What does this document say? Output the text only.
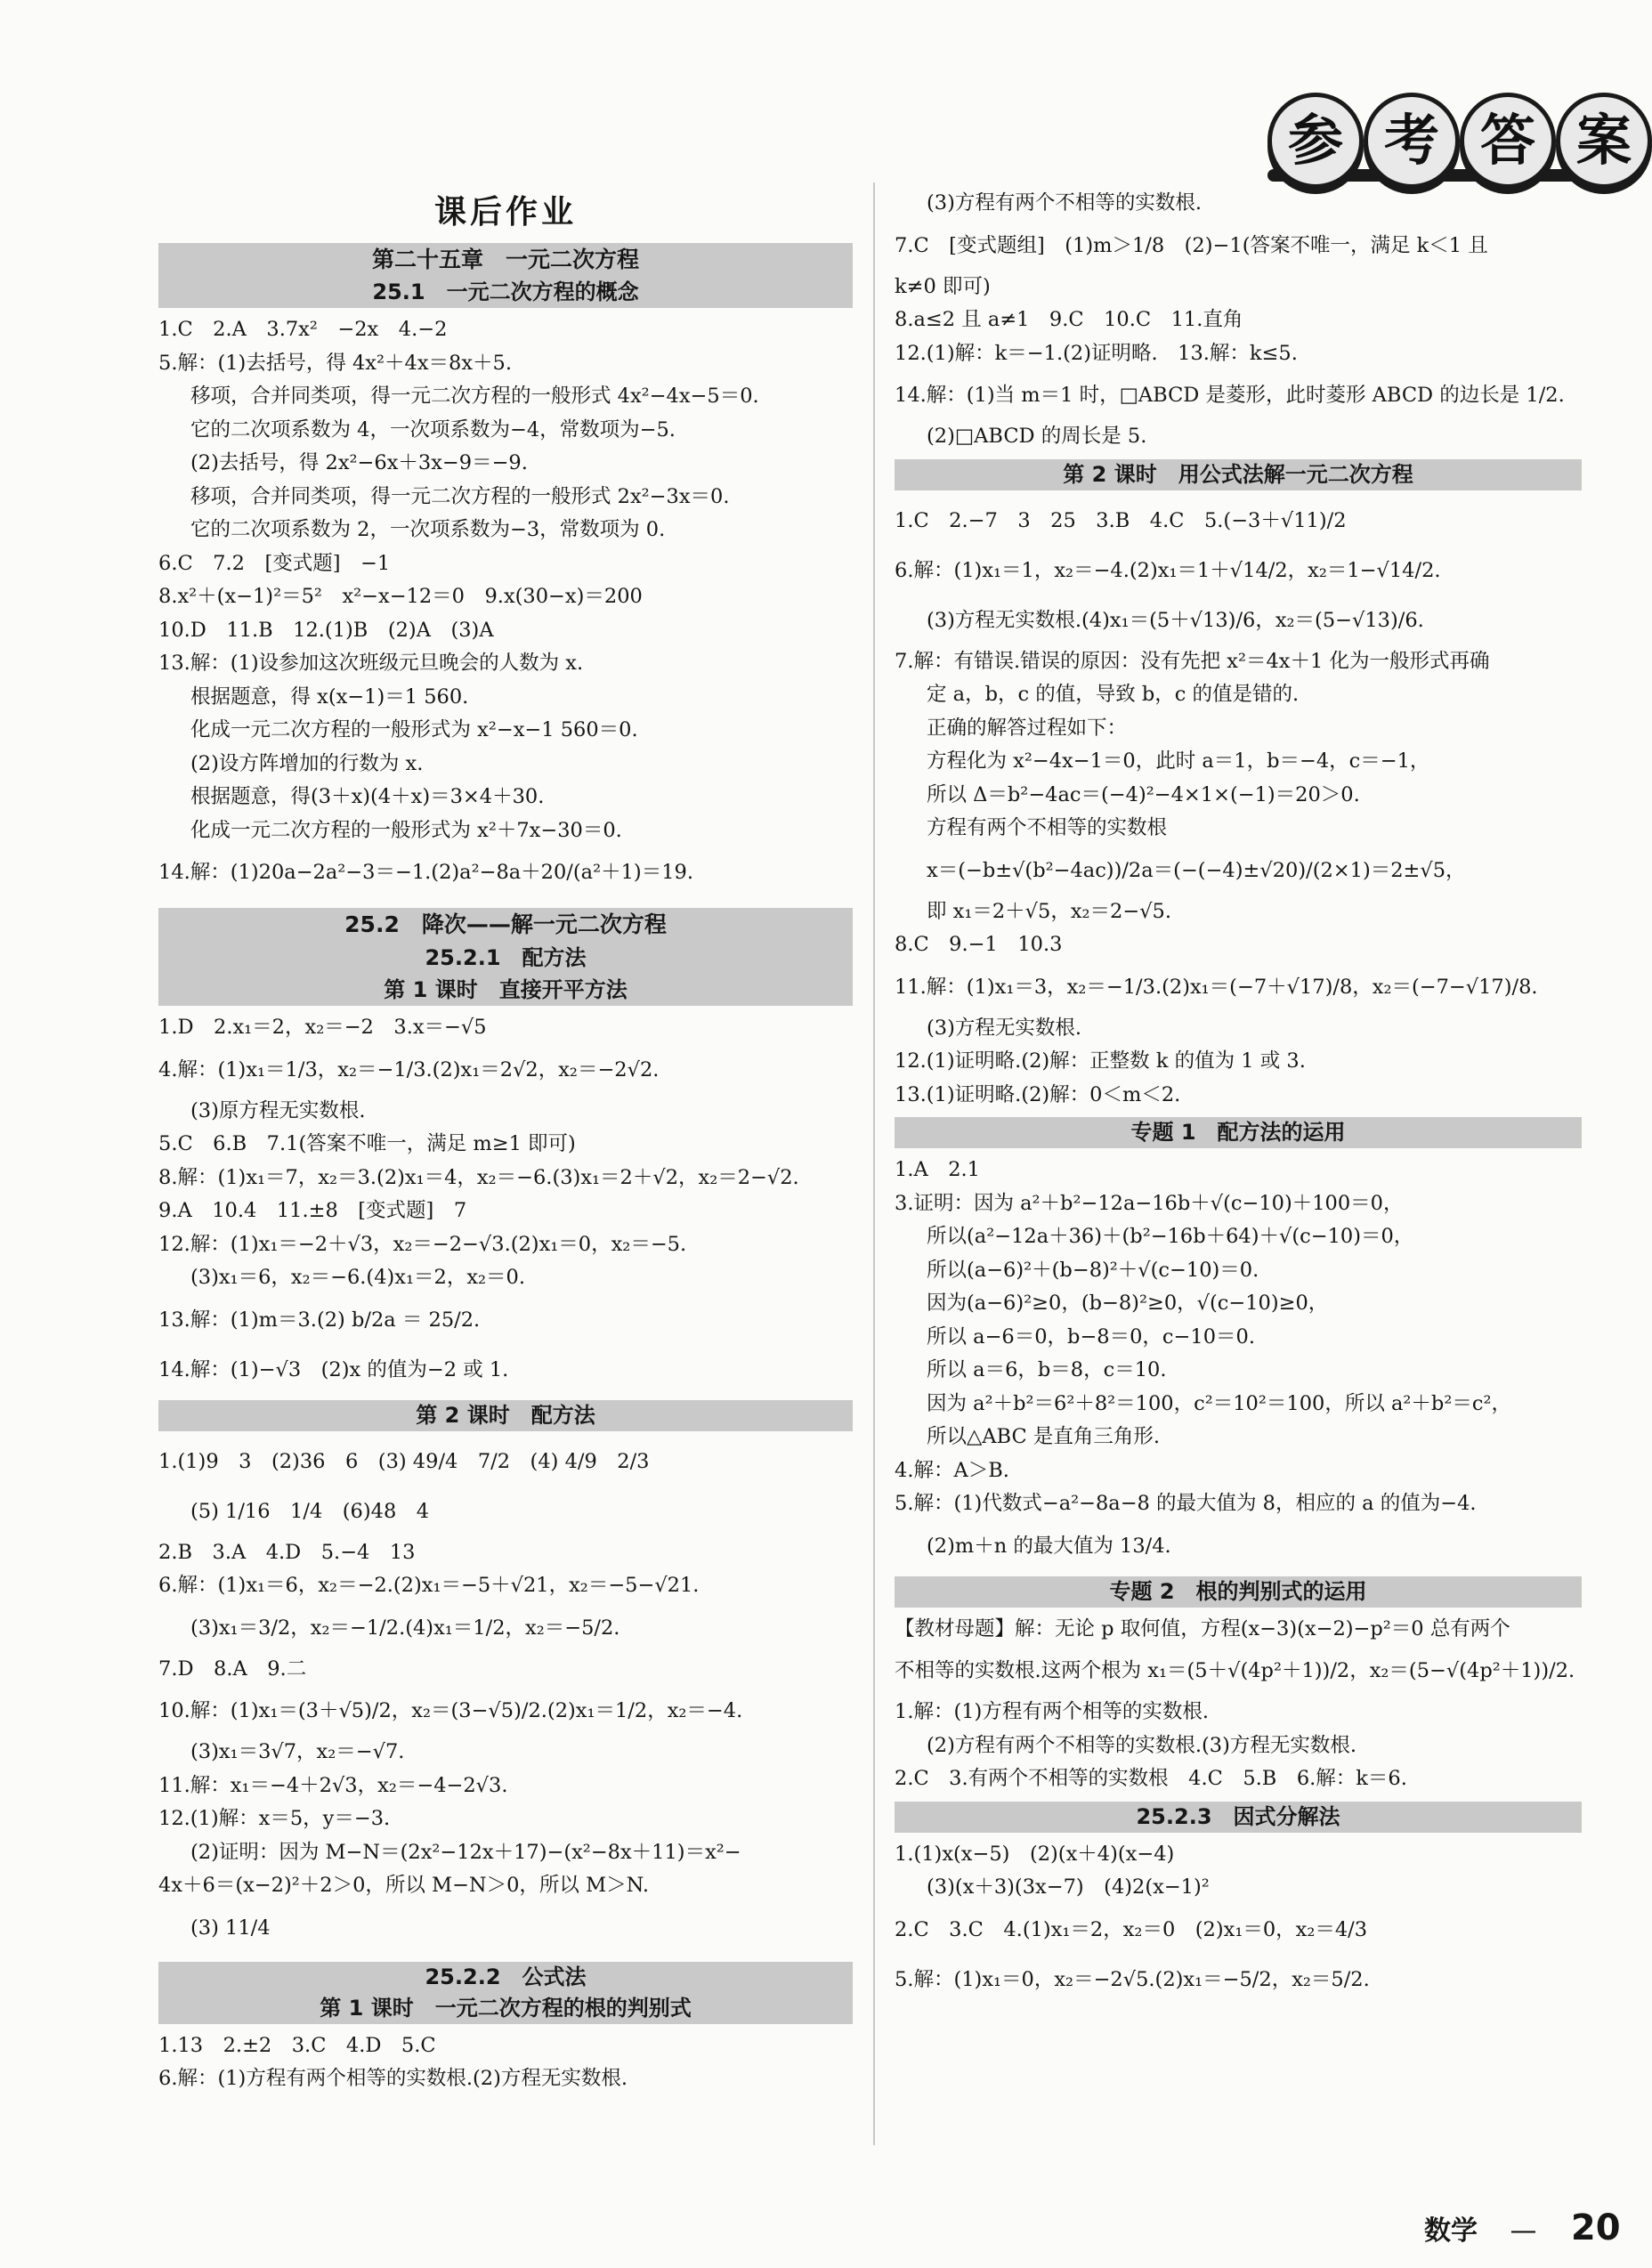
参 考 答 案
课后作业
第二十五章　一元二次方程
25.1　一元二次方程的概念
1.C　2.A　3.7x²　−2x　4.−2
5.解：(1)去括号，得 4x²＋4x＝8x＋5.
移项，合并同类项，得一元二次方程的一般形式 4x²−4x−5＝0.
它的二次项系数为 4，一次项系数为−4，常数项为−5.
(2)去括号，得 2x²−6x＋3x−9＝−9.
移项，合并同类项，得一元二次方程的一般形式 2x²−3x＝0.
它的二次项系数为 2，一次项系数为−3，常数项为 0.
6.C　7.2　[变式题]　−1
8.x²＋(x−1)²＝5²　x²−x−12＝0　9.x(30−x)＝200
10.D　11.B　12.(1)B　(2)A　(3)A
13.解：(1)设参加这次班级元旦晚会的人数为 x.
根据题意，得 x(x−1)＝1 560.
化成一元二次方程的一般形式为 x²−x−1 560＝0.
(2)设方阵增加的行数为 x.
根据题意，得(3＋x)(4＋x)＝3×4＋30.
化成一元二次方程的一般形式为 x²＋7x−30＝0.
14.解：(1)20a−2a²−3＝−1.(2)a²−8a＋20/(a²＋1)＝19.
25.2　降次——解一元二次方程
25.2.1　配方法
第 1 课时　直接开平方法
1.D　2.x₁＝2，x₂＝−2　3.x＝−√5
4.解：(1)x₁＝1/3，x₂＝−1/3.(2)x₁＝2√2，x₂＝−2√2.
(3)原方程无实数根.
5.C　6.B　7.1(答案不唯一，满足 m≥1 即可)
8.解：(1)x₁＝7，x₂＝3.(2)x₁＝4，x₂＝−6.(3)x₁＝2＋√2，x₂＝2−√2.
9.A　10.4　11.±8　[变式题]　7
12.解：(1)x₁＝−2＋√3，x₂＝−2−√3.(2)x₁＝0，x₂＝−5.
(3)x₁＝6，x₂＝−6.(4)x₁＝2，x₂＝0.
13.解：(1)m＝3.(2) b/2a ＝ 25/2.
14.解：(1)−√3　(2)x 的值为−2 或 1.
第 2 课时　配方法
1.(1)9　3　(2)36　6　(3) 49/4　7/2　(4) 4/9　2/3
(5) 1/16　1/4　(6)48　4
2.B　3.A　4.D　5.−4　13
6.解：(1)x₁＝6，x₂＝−2.(2)x₁＝−5＋√21，x₂＝−5−√21.
(3)x₁＝3/2，x₂＝−1/2.(4)x₁＝1/2，x₂＝−5/2.
7.D　8.A　9.二
10.解：(1)x₁＝(3＋√5)/2，x₂＝(3−√5)/2.(2)x₁＝1/2，x₂＝−4.
(3)x₁＝3√7，x₂＝−√7.
11.解：x₁＝−4＋2√3，x₂＝−4−2√3.
12.(1)解：x＝5，y＝−3.
(2)证明：因为 M−N＝(2x²−12x＋17)−(x²−8x＋11)＝x²−
4x＋6＝(x−2)²＋2＞0，所以 M−N＞0，所以 M＞N.
(3) 11/4
25.2.2　公式法
第 1 课时　一元二次方程的根的判别式
1.13　2.±2　3.C　4.D　5.C
6.解：(1)方程有两个相等的实数根.(2)方程无实数根.
(3)方程有两个不相等的实数根.
7.C　[变式题组]　(1)m＞1/8　(2)−1(答案不唯一，满足 k＜1 且
k≠0 即可)
8.a≤2 且 a≠1　9.C　10.C　11.直角
12.(1)解：k＝−1.(2)证明略.　13.解：k≤5.
14.解：(1)当 m＝1 时，□ABCD 是菱形，此时菱形 ABCD 的边长是 1/2.
(2)□ABCD 的周长是 5.
第 2 课时　用公式法解一元二次方程
1.C　2.−7　3　25　3.B　4.C　5.(−3＋√11)/2
6.解：(1)x₁＝1，x₂＝−4.(2)x₁＝1＋√14/2，x₂＝1−√14/2.
(3)方程无实数根.(4)x₁＝(5＋√13)/6，x₂＝(5−√13)/6.
7.解：有错误.错误的原因：没有先把 x²＝4x＋1 化为一般形式再确
定 a，b，c 的值，导致 b，c 的值是错的.
正确的解答过程如下：
方程化为 x²−4x−1＝0，此时 a＝1，b＝−4，c＝−1，
所以 Δ＝b²−4ac＝(−4)²−4×1×(−1)＝20＞0.
方程有两个不相等的实数根
x＝(−b±√(b²−4ac))/2a＝(−(−4)±√20)/(2×1)＝2±√5，
即 x₁＝2＋√5，x₂＝2−√5.
8.C　9.−1　10.3
11.解：(1)x₁＝3，x₂＝−1/3.(2)x₁＝(−7＋√17)/8，x₂＝(−7−√17)/8.
(3)方程无实数根.
12.(1)证明略.(2)解：正整数 k 的值为 1 或 3.
13.(1)证明略.(2)解：0＜m＜2.
专题 1　配方法的运用
1.A　2.1
3.证明：因为 a²＋b²−12a−16b＋√(c−10)＋100＝0，
所以(a²−12a＋36)＋(b²−16b＋64)＋√(c−10)＝0，
所以(a−6)²＋(b−8)²＋√(c−10)＝0.
因为(a−6)²≥0，(b−8)²≥0，√(c−10)≥0，
所以 a−6＝0，b−8＝0，c−10＝0.
所以 a＝6，b＝8，c＝10.
因为 a²＋b²＝6²＋8²＝100，c²＝10²＝100，所以 a²＋b²＝c²，
所以△ABC 是直角三角形.
4.解：A＞B.
5.解：(1)代数式−a²−8a−8 的最大值为 8，相应的 a 的值为−4.
(2)m＋n 的最大值为 13/4.
专题 2　根的判别式的运用
【教材母题】解：无论 p 取何值，方程(x−3)(x−2)−p²＝0 总有两个
不相等的实数根.这两个根为 x₁＝(5＋√(4p²＋1))/2，x₂＝(5−√(4p²＋1))/2.
1.解：(1)方程有两个相等的实数根.
(2)方程有两个不相等的实数根.(3)方程无实数根.
2.C　3.有两个不相等的实数根　4.C　5.B　6.解：k＝6.
25.2.3　因式分解法
1.(1)x(x−5)　(2)(x＋4)(x−4)
(3)(x＋3)(3x−7)　(4)2(x−1)²
2.C　3.C　4.(1)x₁＝2，x₂＝0　(2)x₁＝0，x₂＝4/3
5.解：(1)x₁＝0，x₂＝−2√5.(2)x₁＝−5/2，x₂＝5/2.
数学 — 20
